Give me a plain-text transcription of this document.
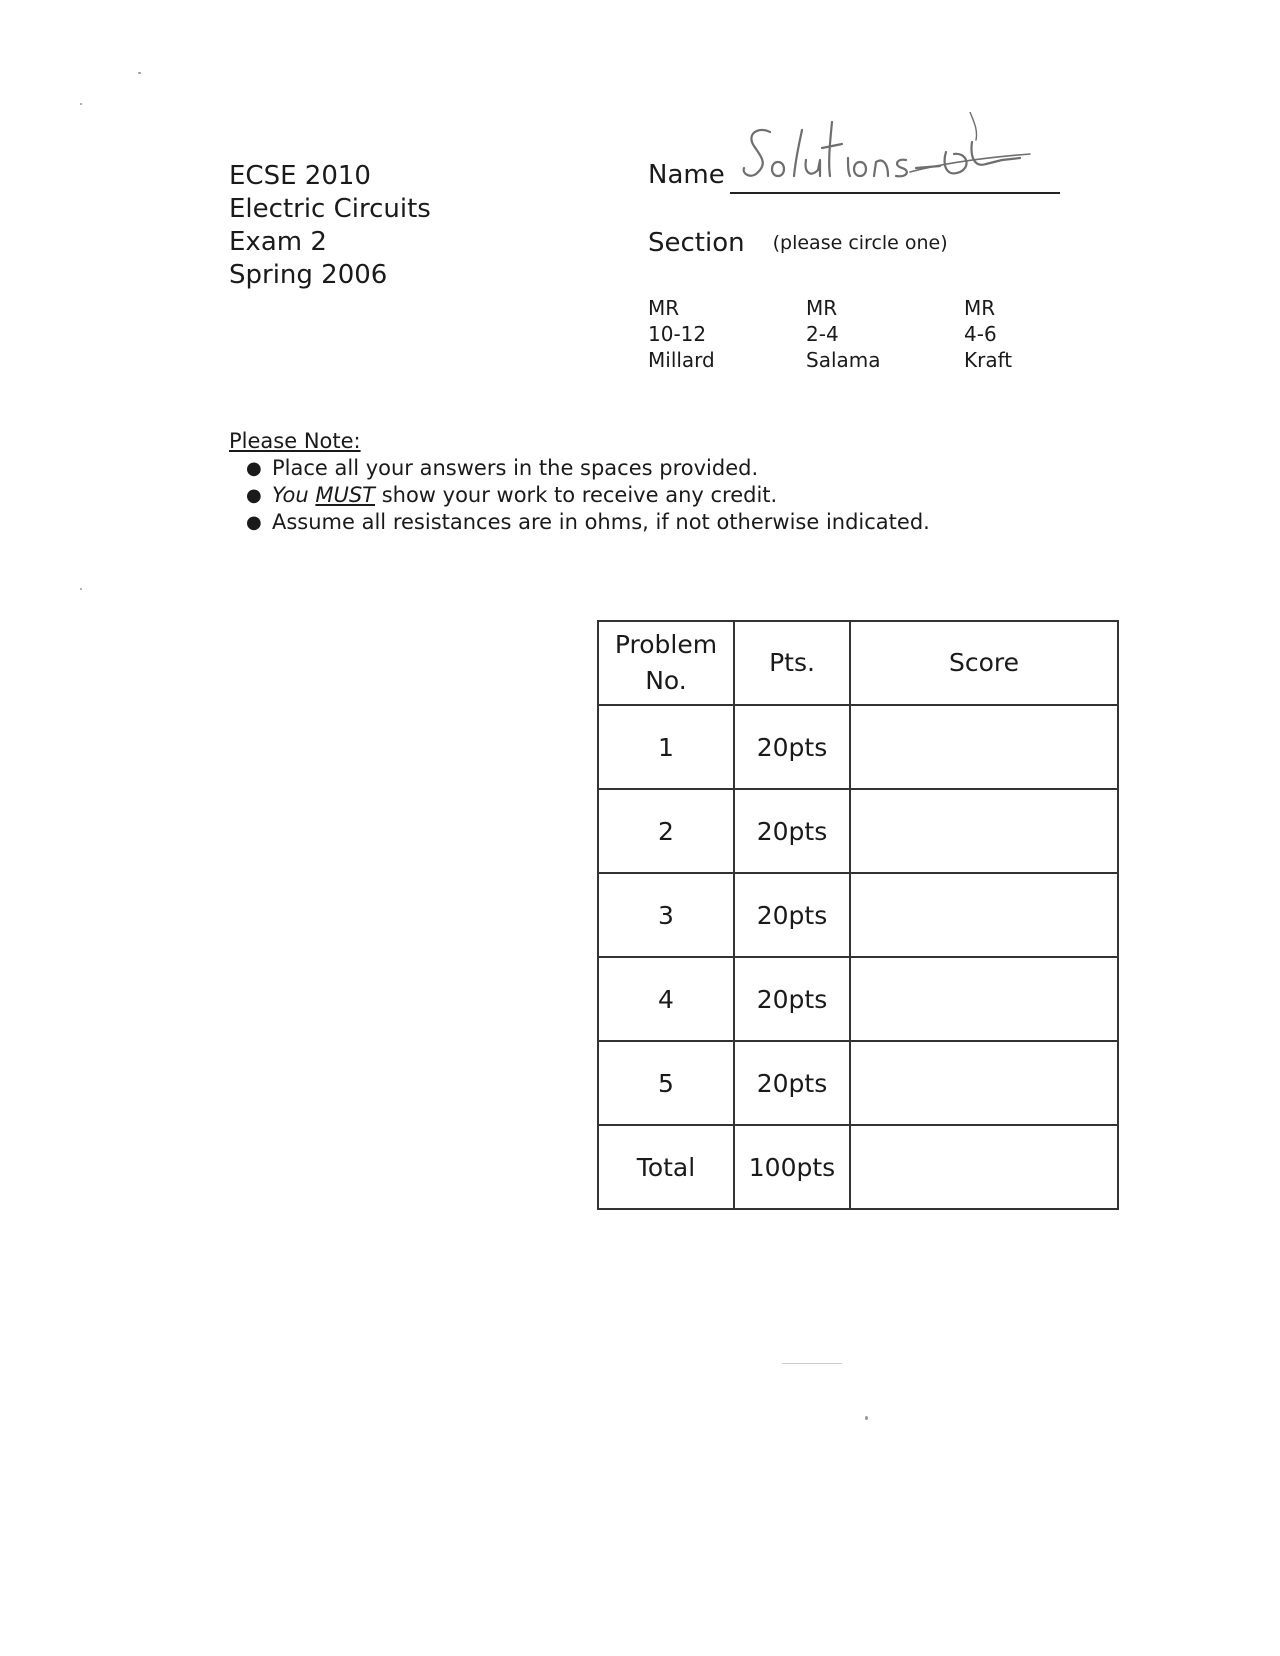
ECSE 2010
Electric Circuits
Exam 2
Spring 2006
Name
Section (please circle one)
MR
10-12
Millard
MR
2-4
Salama
MR
4-6
Kraft
Please Note:
● Place all your answers in the spaces provided.
● You MUST show your work to receive any credit.
● Assume all resistances are in ohms, if not otherwise indicated.
Problem
No.	Pts.	Score
1	20pts	
2	20pts	
3	20pts	
4	20pts	
5	20pts	
Total	100pts	
